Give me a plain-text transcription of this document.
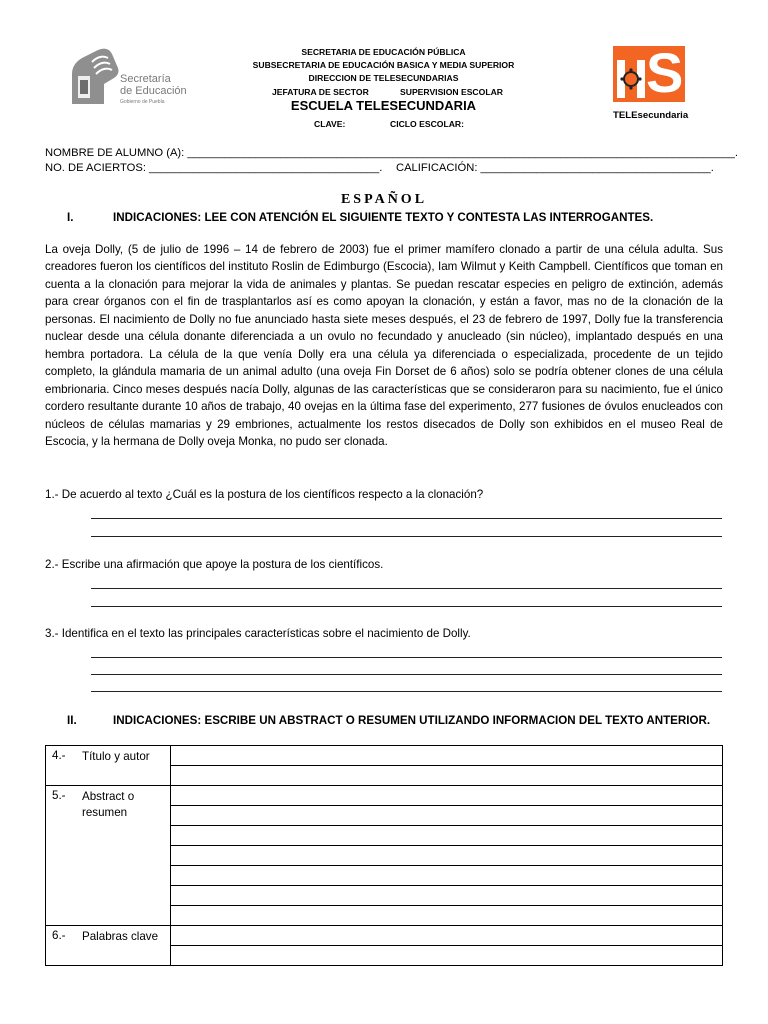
Secretaría
de Educación
Gobierno de Puebla
SECRETARIA DE EDUCACIÓN PÚBLICA
SUBSECRETARIA DE EDUCACIÓN BASICA Y MEDIA SUPERIOR
DIRECCION DE TELESECUNDARIAS
JEFATURA DE SECTOR	SUPERVISION ESCOLAR
ESCUELA TELESECUNDARIA
CLAVE:	CICLO ESCOLAR:
S
TELEsecundaria
NOMBRE DE ALUMNO (A): ________________________________________________________________________________________.
NO. DE ACIERTOS: _____________________________________. CALIFICACIÓN: _____________________________________.
ESPAÑOL
I.	INDICACIONES: LEE CON ATENCIÓN EL SIGUIENTE TEXTO Y CONTESTA LAS INTERROGANTES.
La oveja Dolly, (5 de julio de 1996 – 14 de febrero de 2003) fue el primer mamífero clonado a partir de una célula adulta. Sus creadores fueron los científicos del instituto Roslin de Edimburgo (Escocia), Iam Wilmut y Keith Campbell. Científicos que toman en cuenta a la clonación para mejorar la vida de animales y plantas. Se puedan rescatar especies en peligro de extinción, además para crear órganos con el fin de trasplantarlos así es como apoyan la clonación, y están a favor, mas no de la clonación de la personas. El nacimiento de Dolly no fue anunciado hasta siete meses después, el 23 de febrero de 1997, Dolly fue la transferencia nuclear desde una célula donante diferenciada a un ovulo no fecundado y anucleado (sin núcleo), implantado después en una hembra portadora. La célula de la que venía Dolly era una célula ya diferenciada o especializada, procedente de un tejido completo, la glándula mamaria de un animal adulto (una oveja Fin Dorset de 6 años) solo se podría obtener clones de una célula embrionaria. Cinco meses después nacía Dolly, algunas de las características que se consideraron para su nacimiento, fue el único cordero resultante durante 10 años de trabajo, 40 ovejas en la última fase del experimento, 277 fusiones de óvulos enucleados con núcleos de células mamarias y 29 embriones, actualmente los restos disecados de Dolly son exhibidos en el museo Real de Escocia, y la hermana de Dolly oveja Monka, no pudo ser clonada.
1.- De acuerdo al texto ¿Cuál es la postura de los científicos respecto a la clonación?
2.- Escribe una afirmación que apoye la postura de los científicos.
3.- Identifica en el texto las principales características sobre el nacimiento de Dolly.
II.	INDICACIONES: ESCRIBE UN ABSTRACT O RESUMEN UTILIZANDO INFORMACION DEL TEXTO ANTERIOR.
4.- Título y autor	

5.- Abstract o resumen	

6.- Palabras clave	
